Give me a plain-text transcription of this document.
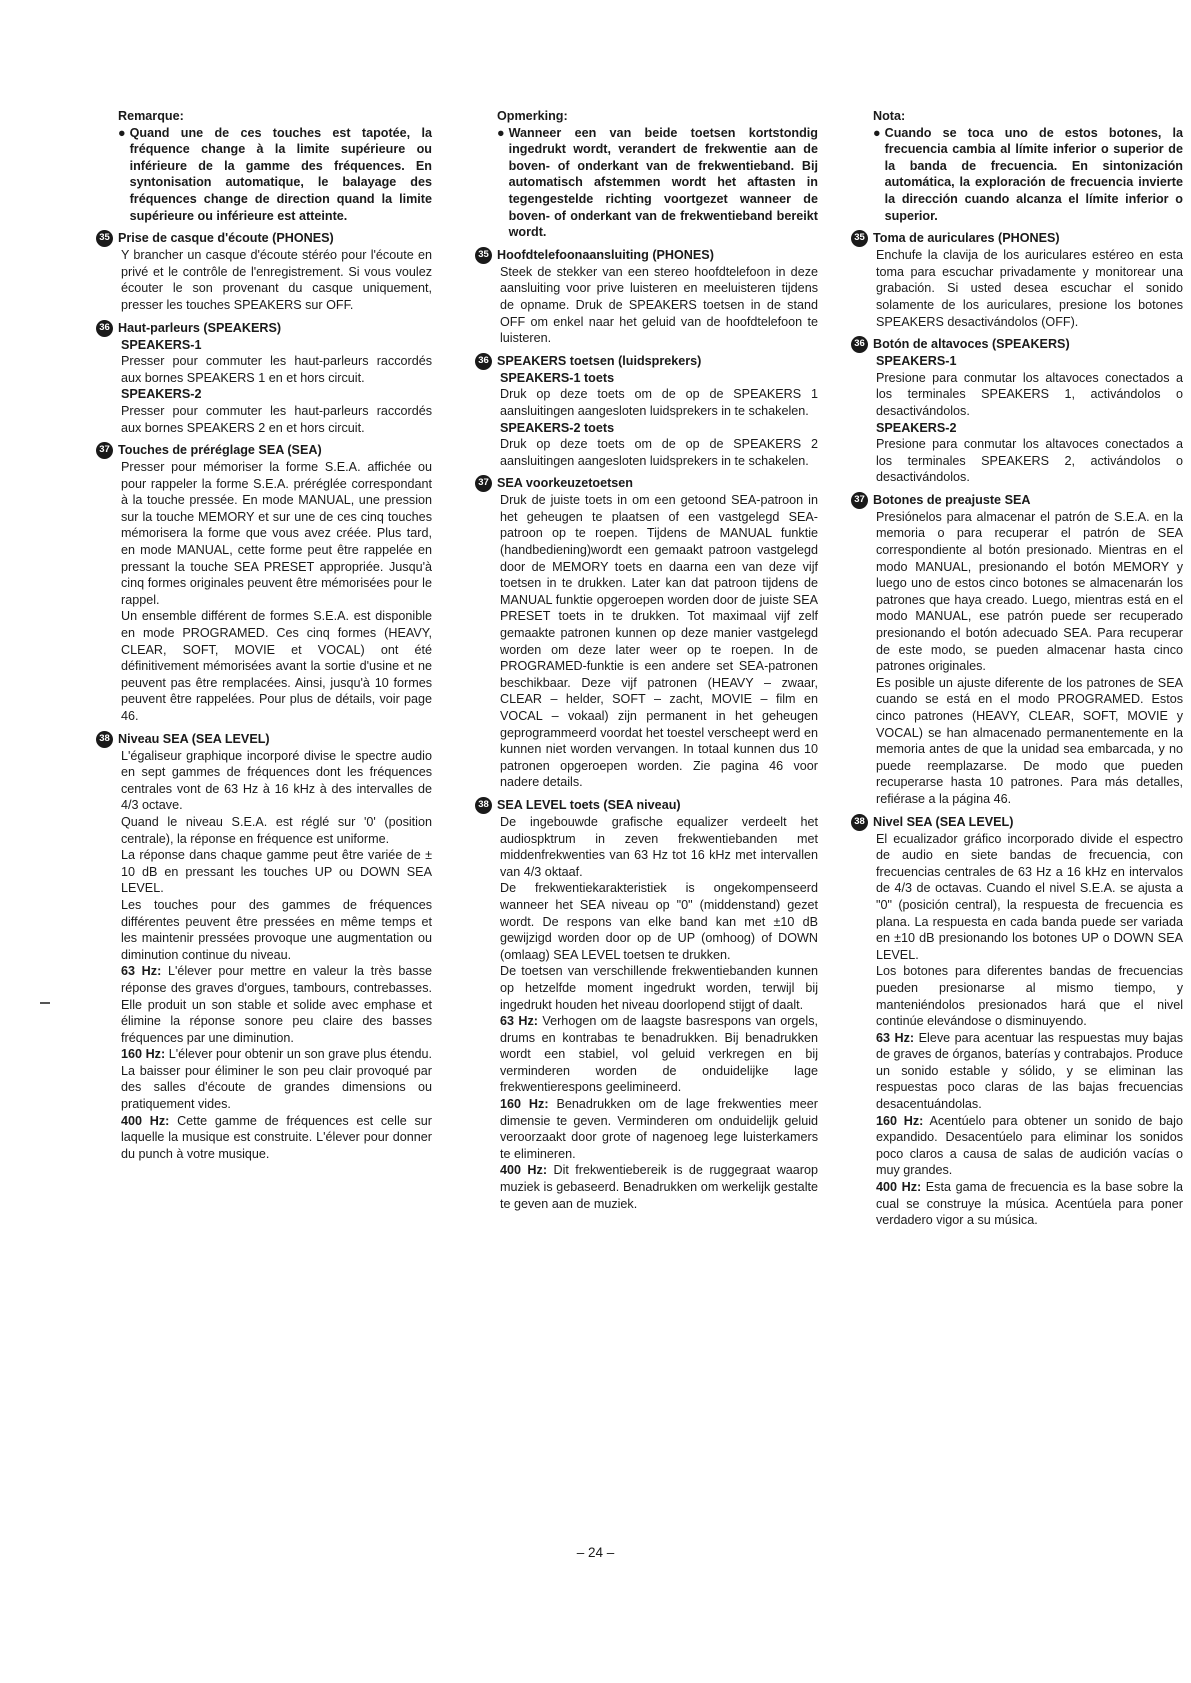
Remarque:
● Quand une de ces touches est tapotée, la fréquence change à la limite supérieure ou inférieure de la gamme des fréquences. En syntonisation automatique, le balayage des fréquences change de direction quand la limite supérieure ou inférieure est atteinte.
35 Prise de casque d'écoute (PHONES)

Y brancher un casque d'écoute stéréo pour l'écoute en privé et le contrôle de l'enregistrement. Si vous voulez écouter le son provenant du casque uniquement, presser les touches SPEAKERS sur OFF.

36 Haut-parleurs (SPEAKERS)
SPEAKERS-1

Presser pour commuter les haut-parleurs raccordés aux bornes SPEAKERS 1 en et hors circuit.

SPEAKERS-2

Presser pour commuter les haut-parleurs raccordés aux bornes SPEAKERS 2 en et hors circuit.

37 Touches de préréglage SEA (SEA)

Presser pour mémoriser la forme S.E.A. affichée ou pour rappeler la forme S.E.A. préréglée correspondant à la touche pressée. En mode MANUAL, une pression sur la touche MEMORY et sur une de ces cinq touches mémorisera la forme que vous avez créée. Plus tard, en mode MANUAL, cette forme peut être rappelée en pressant la touche SEA PRESET appropriée. Jusqu'à cinq formes originales peuvent être mémorisées pour le rappel.

Un ensemble différent de formes S.E.A. est disponible en mode PROGRAMED. Ces cinq formes (HEAVY, CLEAR, SOFT, MOVIE et VOCAL) ont été définitivement mémorisées avant la sortie d'usine et ne peuvent pas être remplacées. Ainsi, jusqu'à 10 formes peuvent être rappelées. Pour plus de détails, voir page 46.

38 Niveau SEA (SEA LEVEL)

L'égaliseur graphique incorporé divise le spectre audio en sept gammes de fréquences dont les fréquences centrales vont de 63 Hz à 16 kHz à des intervalles de 4/3 octave.

Quand le niveau S.E.A. est réglé sur '0' (position centrale), la réponse en fréquence est uniforme.

La réponse dans chaque gamme peut être variée de ± 10 dB en pressant les touches UP ou DOWN SEA LEVEL.

Les touches pour des gammes de fréquences différentes peuvent être pressées en même temps et les maintenir pressées provoque une augmentation ou diminution continue du niveau.

63 Hz: L'élever pour mettre en valeur la très basse réponse des graves d'orgues, tambours, contrebasses. Elle produit un son stable et solide avec emphase et élimine la réponse sonore peu claire des basses fréquences par une diminution.

160 Hz: L'élever pour obtenir un son grave plus étendu. La baisser pour éliminer le son peu clair provoqué par des salles d'écoute de grandes dimensions ou pratiquement vides.

400 Hz: Cette gamme de fréquences est celle sur laquelle la musique est construite. L'élever pour donner du punch à votre musique.

Opmerking:
● Wanneer een van beide toetsen kortstondig ingedrukt wordt, verandert de frekwentie aan de boven- of onderkant van de frekwentieband. Bij automatisch afstemmen wordt het aftasten in tegengestelde richting voortgezet wanneer de boven- of onderkant van de frekwentieband bereikt wordt.
35 Hoofdtelefoonaansluiting (PHONES)

Steek de stekker van een stereo hoofdtelefoon in deze aansluiting voor prive luisteren en meeluisteren tijdens de opname. Druk de SPEAKERS toetsen in de stand OFF om enkel naar het geluid van de hoofdtelefoon te luisteren.

36 SPEAKERS toetsen (luidsprekers)
SPEAKERS-1 toets

Druk op deze toets om de op de SPEAKERS 1 aansluitingen aangesloten luidsprekers in te schakelen.

SPEAKERS-2 toets

Druk op deze toets om de op de SPEAKERS 2 aansluitingen aangesloten luidsprekers in te schakelen.

37 SEA voorkeuzetoetsen

Druk de juiste toets in om een getoond SEA-patroon in het geheugen te plaatsen of een vastgelegd SEA-patroon op te roepen. Tijdens de MANUAL funktie (handbediening)wordt een gemaakt patroon vastgelegd door de MEMORY toets en daarna een van deze vijf toetsen in te drukken. Later kan dat patroon tijdens de MANUAL funktie opgeroepen worden door de juiste SEA PRESET toets in te drukken. Tot maximaal vijf zelf gemaakte patronen kunnen op deze manier vastgelegd worden om deze later weer op te roepen. In de PROGRAMED-funktie is een andere set SEA-patronen beschikbaar. Deze vijf patronen (HEAVY – zwaar, CLEAR – helder, SOFT – zacht, MOVIE – film en VOCAL – vokaal) zijn permanent in het geheugen geprogrammeerd voordat het toestel verscheept werd en kunnen niet worden vervangen. In totaal kunnen dus 10 patronen opgeroepen worden. Zie pagina 46 voor nadere details.

38 SEA LEVEL toets (SEA niveau)

De ingebouwde grafische equalizer verdeelt het audiospktrum in zeven frekwentiebanden met middenfrekwenties van 63 Hz tot 16 kHz met intervallen van 4/3 oktaaf.

De frekwentiekarakteristiek is ongekompenseerd wanneer het SEA niveau op "0" (middenstand) gezet wordt. De respons van elke band kan met ±10 dB gewijzigd worden door op de UP (omhoog) of DOWN (omlaag) SEA LEVEL toetsen te drukken.

De toetsen van verschillende frekwentiebanden kunnen op hetzelfde moment ingedrukt worden, terwijl bij ingedrukt houden het niveau doorlopend stijgt of daalt.

63 Hz: Verhogen om de laagste basrespons van orgels, drums en kontrabas te benadrukken. Bij benadrukken wordt een stabiel, vol geluid verkregen en bij verminderen worden de onduidelijke lage frekwentierespons geelimineerd.

160 Hz: Benadrukken om de lage frekwenties meer dimensie te geven. Verminderen om onduidelijk geluid veroorzaakt door grote of nagenoeg lege luisterkamers te elimineren.

400 Hz: Dit frekwentiebereik is de ruggegraat waarop muziek is gebaseerd. Benadrukken om werkelijk gestalte te geven aan de muziek.

Nota:
● Cuando se toca uno de estos botones, la frecuencia cambia al límite inferior o superior de la banda de frecuencia. En sintonización automática, la exploración de frecuencia invierte la dirección cuando alcanza el límite inferior o superior.
35 Toma de auriculares (PHONES)

Enchufe la clavija de los auriculares estéreo en esta toma para escuchar privadamente y monitorear una grabación. Si usted desea escuchar el sonido solamente de los auriculares, presione los botones SPEAKERS desactivándolos (OFF).

36 Botón de altavoces (SPEAKERS)
SPEAKERS-1

Presione para conmutar los altavoces conectados a los terminales SPEAKERS 1, activándolos o desactivándolos.

SPEAKERS-2

Presione para conmutar los altavoces conectados a los terminales SPEAKERS 2, activándolos o desactivándolos.

37 Botones de preajuste SEA

Presiónelos para almacenar el patrón de S.E.A. en la memoria o para recuperar el patrón de SEA correspondiente al botón presionado. Mientras en el modo MANUAL, presionando el botón MEMORY y luego uno de estos cinco botones se almacenarán los patrones que haya creado. Luego, mientras está en el modo MANUAL, ese patrón puede ser recuperado presionando el botón adecuado SEA. Para recuperar de este modo, se pueden almacenar hasta cinco patrones originales.

Es posible un ajuste diferente de los patrones de SEA cuando se está en el modo PROGRAMED. Estos cinco patrones (HEAVY, CLEAR, SOFT, MOVIE y VOCAL) se han almacenado permanentemente en la memoria antes de que la unidad sea embarcada, y no puede reemplazarse. De modo que pueden recuperarse hasta 10 patrones. Para más detalles, refiérase a la página 46.

38 Nivel SEA (SEA LEVEL)

El ecualizador gráfico incorporado divide el espectro de audio en siete bandas de frecuencia, con frecuencias centrales de 63 Hz a 16 kHz en intervalos de 4/3 de octavas. Cuando el nivel S.E.A. se ajusta a "0" (posición central), la respuesta de frecuencia es plana. La respuesta en cada banda puede ser variada en ±10 dB presionando los botones UP o DOWN SEA LEVEL.

Los botones para diferentes bandas de frecuencias pueden presionarse al mismo tiempo, y manteniéndolos presionados hará que el nivel continúe elevándose o disminuyendo.

63 Hz: Eleve para acentuar las respuestas muy bajas de graves de órganos, baterías y contrabajos. Produce un sonido estable y sólido, y se eliminan las respuestas poco claras de las bajas frecuencias desacentuándolas.

160 Hz: Acentúelo para obtener un sonido de bajo expandido. Desacentúelo para eliminar los sonidos poco claros a causa de salas de audición vacías o muy grandes.

400 Hz: Esta gama de frecuencia es la base sobre la cual se construye la música. Acentúela para poner verdadero vigor a su música.

– 24 –
